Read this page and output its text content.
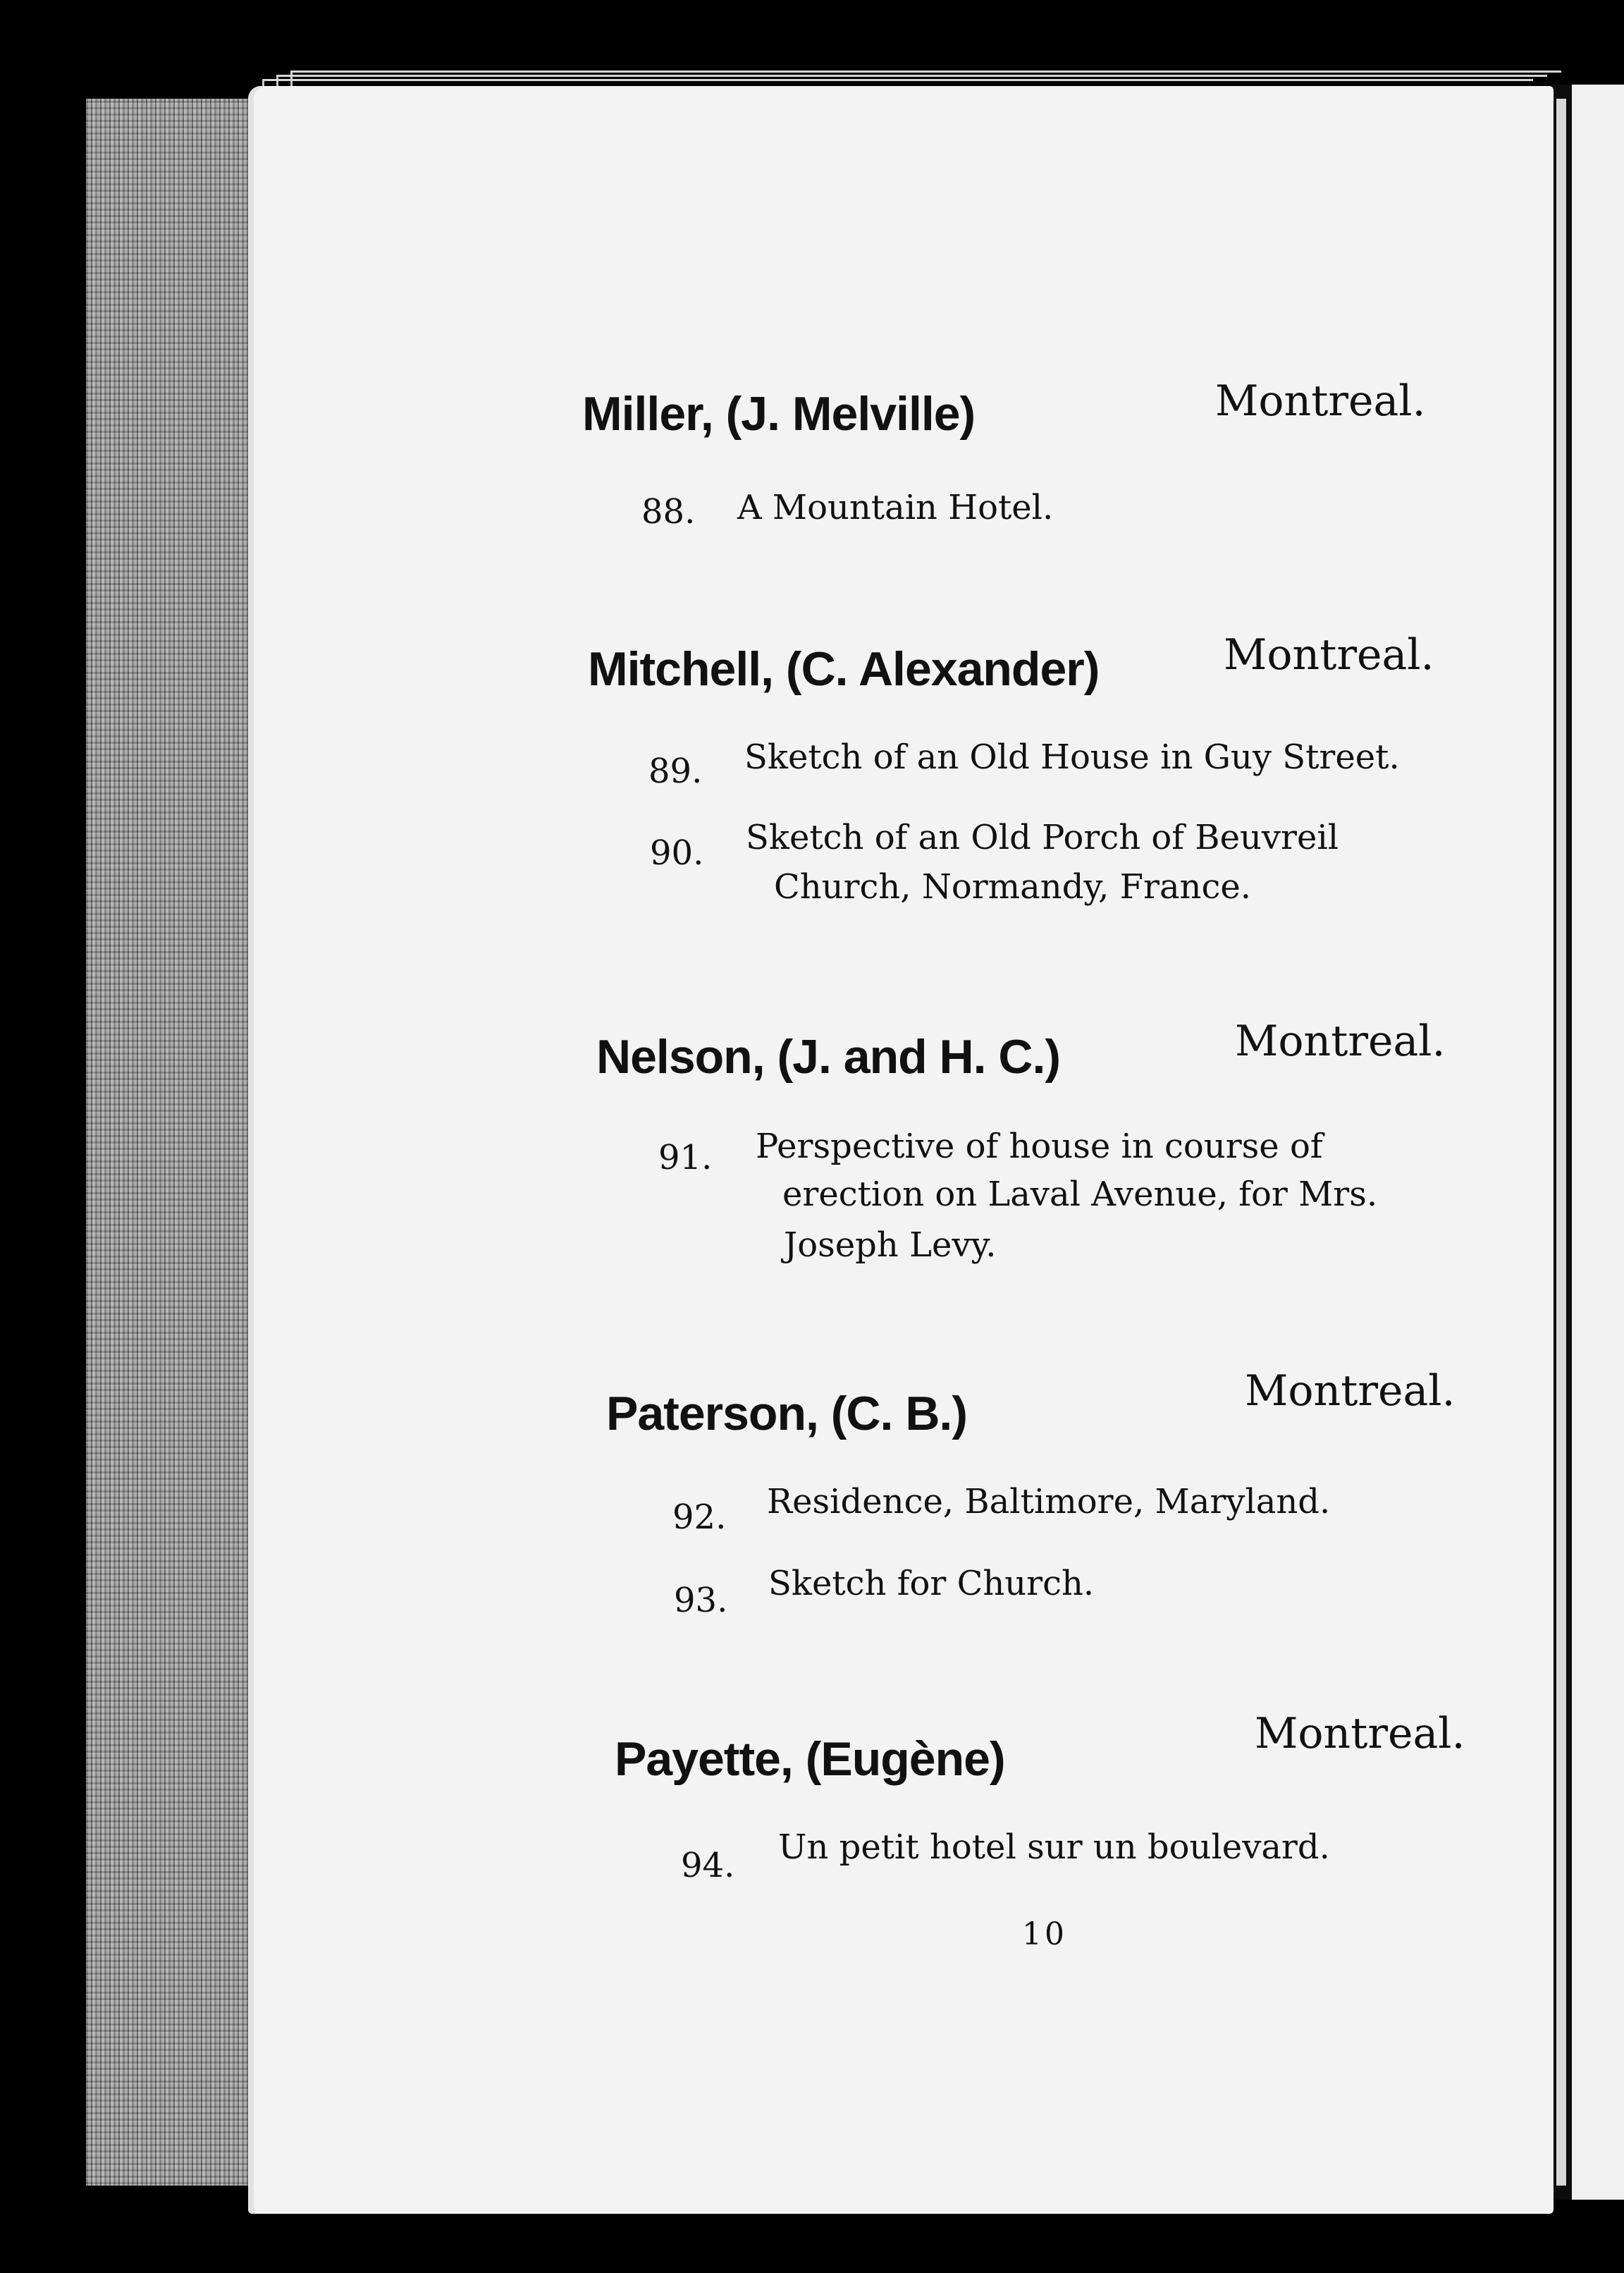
Miller, (J. Melville)	Montreal.
88. A Mountain Hotel.
Mitchell, (C. Alexander)	Montreal.
89. Sketch of an Old House in Guy Street.
90. Sketch of an Old Porch of Beuvreil
Church, Normandy, France.
Nelson, (J. and H. C.)	Montreal.
91. Perspective of house in course of
erection on Laval Avenue, for Mrs.
Joseph Levy.
Paterson, (C. B.)	Montreal.
92. Residence, Baltimore, Maryland.
93. Sketch for Church.
Payette, (Eugène)	Montreal.
94. Un petit hotel sur un boulevard.
10
